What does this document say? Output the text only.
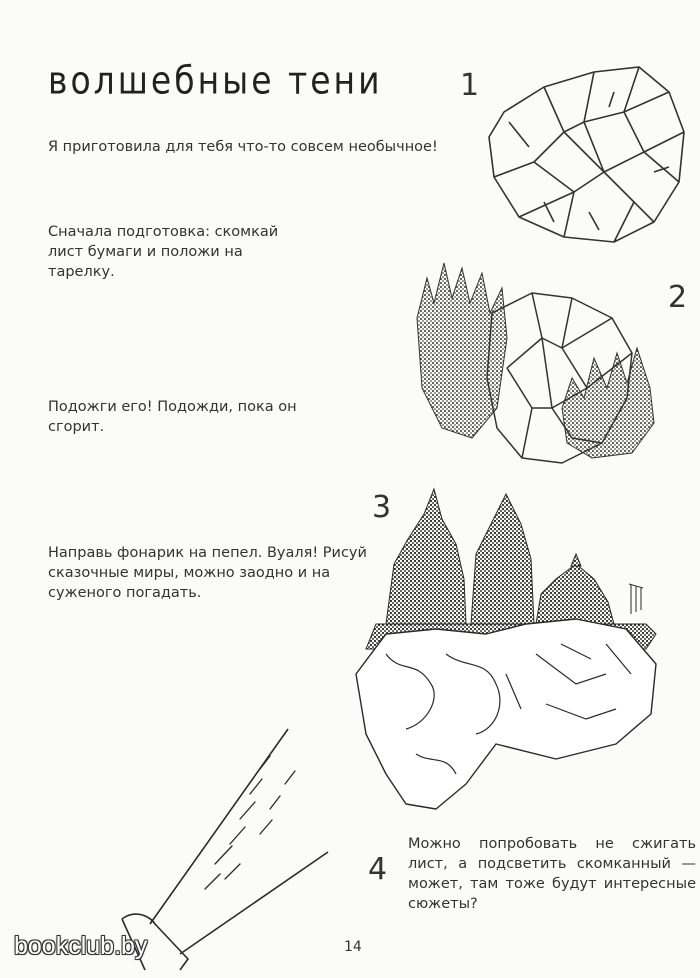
волшебные тени

Я приготовила для тебя что-то совсем необычное!

Сначала подготовка: скомкай лист бумаги и положи на тарелку.

Подожги его! Подожди, пока он сгорит.

Направь фонарик на пепел. Вуаля! Рисуй сказочные миры, можно заодно и на суженого погадать.

Можно попробовать не сжигать лист, а подсветить скомканный — может, там тоже будут интересные сюжеты?

1
2
3
4
14
bookclub.by
